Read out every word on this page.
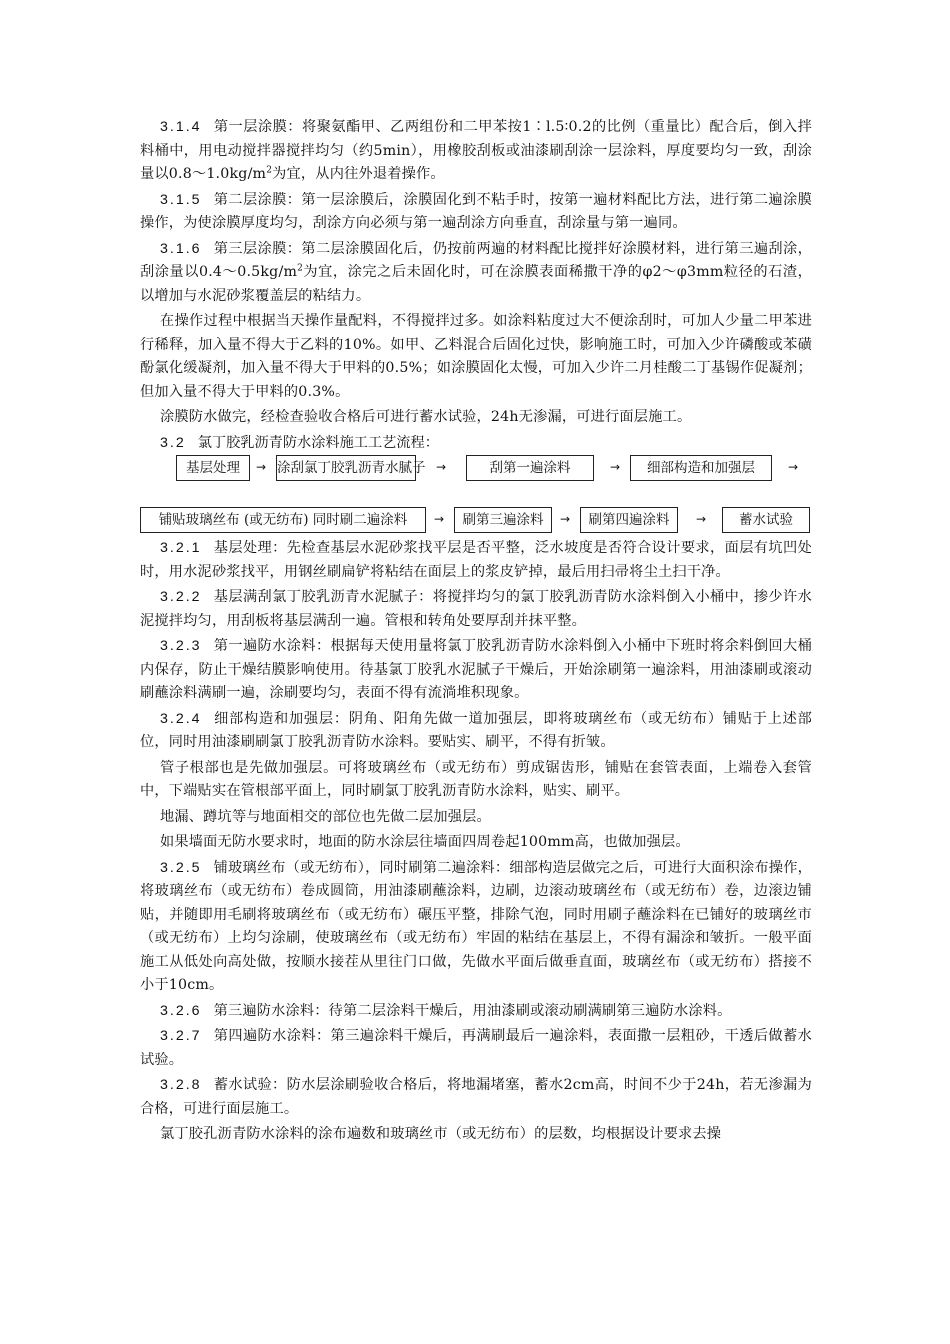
3.1.4 第一层涂膜：将聚氨酯甲、乙两组份和二甲苯按1∶l.5∶0.2的比例（重量比）配合后，倒入拌料桶中，用电动搅拌器搅拌均匀（约5min），用橡胶刮板或油漆刷刮涂一层涂料，厚度要均匀一致，刮涂量以$0.8\sim 1.0kg/m^2$为宜，从内往外退着操作。

3.1.5 第二层涂膜：第一层涂膜后，涂膜固化到不粘手时，按第一遍材料配比方法，进行第二遍涂膜操作，为使涂膜厚度均匀，刮涂方向必须与第一遍刮涂方向垂直，刮涂量与第一遍同。

3.1.6 第三层涂膜：第二层涂膜固化后，仍按前两遍的材料配比搅拌好涂膜材料，进行第三遍刮涂，刮涂量以$0.4\sim 0.5kg/m^2$为宜，涂完之后未固化时，可在涂膜表面稀撒干净的φ2～φ3mm粒径的石渣，以增加与水泥砂浆覆盖层的粘结力。

在操作过程中根据当天操作量配料，不得搅拌过多。如涂料粘度过大不便涂刮时，可加人少量二甲苯进行稀释，加入量不得大于乙料的10%。如甲、乙料混合后固化过快，影响施工时，可加入少许磷酸或苯磺酚氯化缓凝剂，加入量不得大于甲料的0.5%；如涂膜固化太慢，可加入少许二月桂酸二丁基锡作促凝剂；但加入量不得大于甲料的0.3%。

涂膜防水做完，经检查验收合格后可进行蓄水试验，24h无渗漏，可进行面层施工。

3.2 氯丁胶乳沥青防水涂料施工工艺流程：

基层处理	→ 涂刮氯丁胶乳沥青水腻子 →	刮第一遍涂料	→	细部构造和加强层	→
铺贴玻璃丝布 (或无纺布) 同时刷二遍涂料	→	刷第三遍涂料	→	刷第四遍涂料	→	蓄水试验

3.2.1 基层处理：先检查基层水泥砂浆找平层是否平整，泛水坡度是否符合设计要求，面层有坑凹处时，用水泥砂浆找平，用钢丝刷扁铲将粘结在面层上的浆皮铲掉，最后用扫帚将尘土扫干净。

3.2.2 基层满刮氯丁胶乳沥青水泥腻子：将搅拌均匀的氯丁胶乳沥青防水涂料倒入小桶中，掺少许水泥搅拌均匀，用刮板将基层满刮一遍。管根和转角处要厚刮并抹平整。

3.2.3 第一遍防水涂料：根据每天使用量将氯丁胶乳沥青防水涂料倒入小桶中下班时将余料倒回大桶内保存，防止干燥结膜影响使用。待基氯丁胶乳水泥腻子干燥后，开始涂刷第一遍涂料，用油漆刷或滚动刷蘸涂料满刷一遍，涂刷要均匀，表面不得有流淌堆积现象。

3.2.4 细部构造和加强层：阴角、阳角先做一道加强层，即将玻璃丝布（或无纺布）铺贴于上述部位，同时用油漆刷刷氯丁胶乳沥青防水涂料。要贴实、刷平，不得有折皱。

管子根部也是先做加强层。可将玻璃丝布（或无纺布）剪成锯齿形，铺贴在套管表面，上端卷入套管中，下端贴实在管根部平面上，同时刷氯丁胶乳沥青防水涂料，贴实、刷平。

地漏、蹲坑等与地面相交的部位也先做二层加强层。

如果墙面无防水要求时，地面的防水涂层往墙面四周卷起100mm高，也做加强层。

3.2.5 铺玻璃丝布（或无纺布），同时刷第二遍涂料：细部构造层做完之后，可进行大面积涂布操作，将玻璃丝布（或无纺布）卷成圆筒，用油漆刷蘸涂料，边刷，边滚动玻璃丝布（或无纺布）卷，边滚边铺贴，并随即用毛刷将玻璃丝布（或无纺布）碾压平整，排除气泡，同时用刷子蘸涂料在已铺好的玻璃丝市（或无纺布）上均匀涂刷，使玻璃丝布（或无纺布）牢固的粘结在基层上，不得有漏涂和皱折。一般平面施工从低处向高处做，按顺水接茬从里往门口做，先做水平面后做垂直面，玻璃丝布（或无纺布）搭接不小于10cm。

3.2.6 第三遍防水涂料：待第二层涂料干燥后，用油漆刷或滚动刷满刷第三遍防水涂料。

3.2.7 第四遍防水涂料：第三遍涂料干燥后，再满刷最后一遍涂料，表面撒一层粗砂，干透后做蓄水试验。

3.2.8 蓄水试验：防水层涂刷验收合格后，将地漏堵塞，蓄水2cm高，时间不少于24h，若无渗漏为合格，可进行面层施工。

氯丁胶孔沥青防水涂料的涂布遍数和玻璃丝市（或无纺布）的层数，均根据设计要求去操
